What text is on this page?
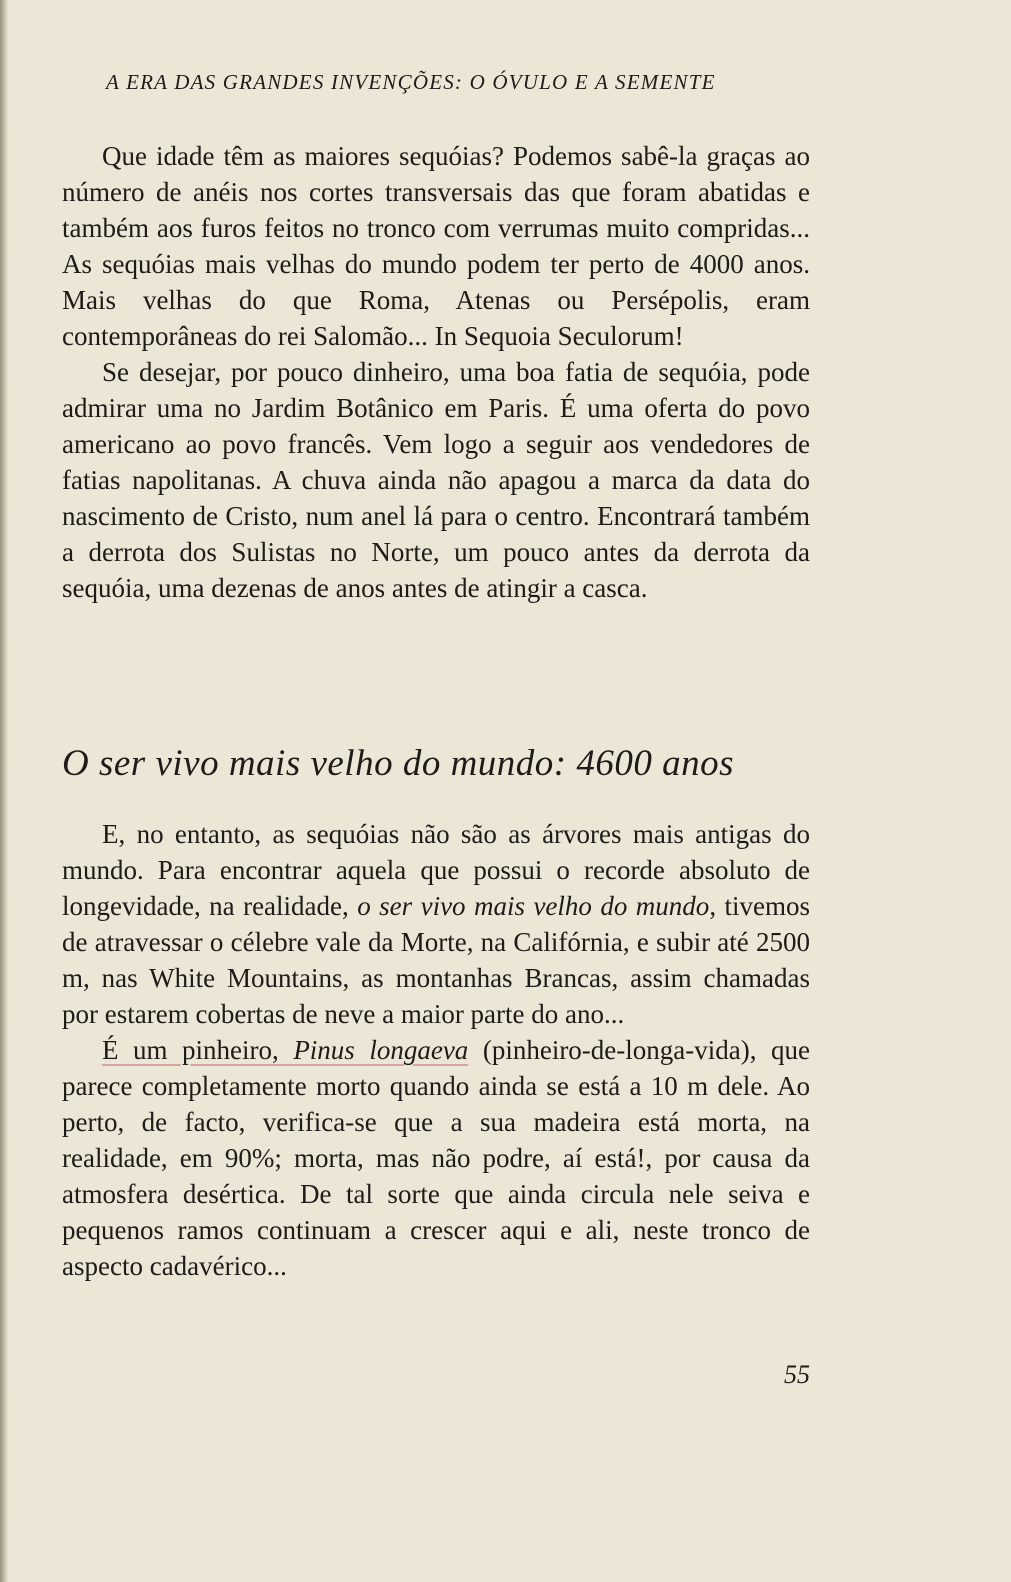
A ERA DAS GRANDES INVENÇÕES: O ÓVULO E A SEMENTE

Que idade têm as maiores sequóias? Podemos sabê-la graças ao número de anéis nos cortes transversais das que foram abatidas e também aos furos feitos no tronco com verrumas muito compridas... As sequóias mais velhas do mundo podem ter perto de 4000 anos. Mais velhas do que Roma, Atenas ou Persépolis, eram contemporâneas do rei Salomão... In Sequoia Seculorum!

Se desejar, por pouco dinheiro, uma boa fatia de sequóia, pode admirar uma no Jardim Botânico em Paris. É uma oferta do povo americano ao povo francês. Vem logo a seguir aos vendedores de fatias napolitanas. A chuva ainda não apagou a marca da data do nascimento de Cristo, num anel lá para o centro. Encontrará também a derrota dos Sulistas no Norte, um pouco antes da derrota da sequóia, uma dezenas de anos antes de atingir a casca.

O ser vivo mais velho do mundo: 4600 anos

E, no entanto, as sequóias não são as árvores mais antigas do mundo. Para encontrar aquela que possui o recorde absoluto de longevidade, na realidade, o ser vivo mais velho do mundo, tivemos de atravessar o célebre vale da Morte, na Califórnia, e subir até 2500 m, nas White Mountains, as montanhas Brancas, assim chamadas por estarem cobertas de neve a maior parte do ano...

É um pinheiro, Pinus longaeva (pinheiro-de-longa-vida), que parece completamente morto quando ainda se está a 10 m dele. Ao perto, de facto, verifica-se que a sua madeira está morta, na realidade, em 90%; morta, mas não podre, aí está!, por causa da atmosfera desértica. De tal sorte que ainda circula nele seiva e pequenos ramos continuam a crescer aqui e ali, neste tronco de aspecto cadavérico...

55
